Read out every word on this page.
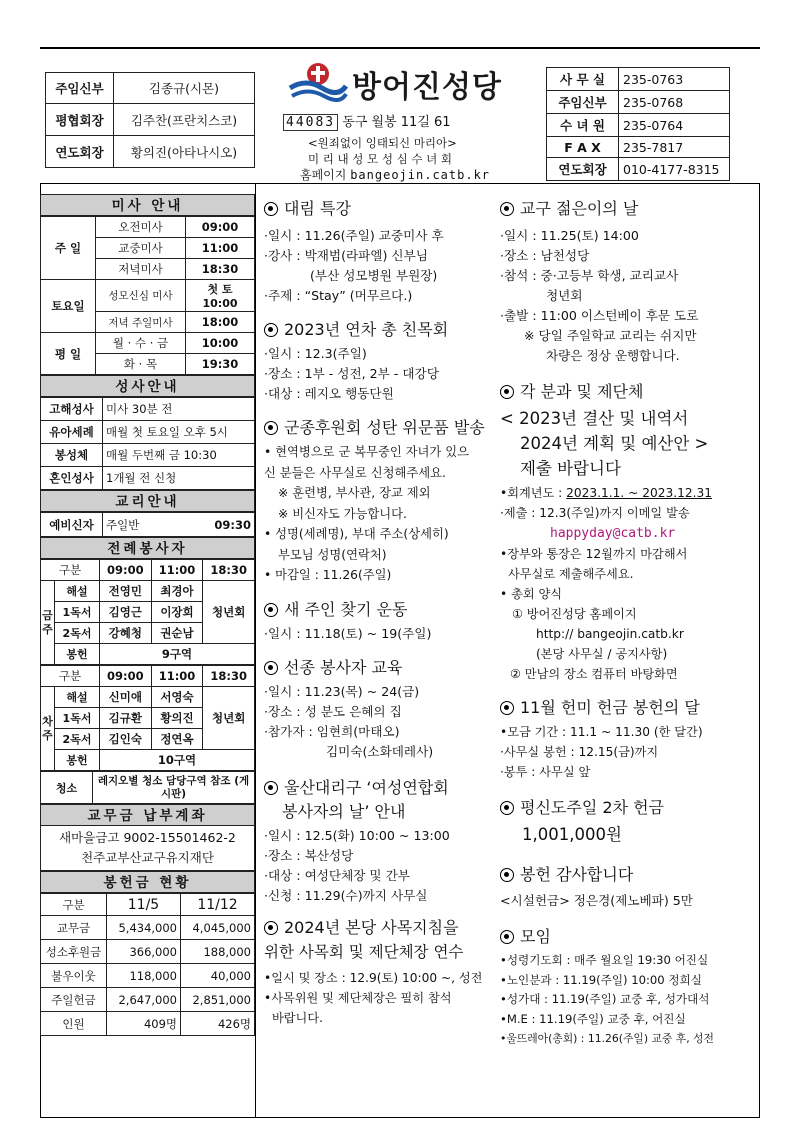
주임신부	김종규(시몬)
평협회장	김주찬(프란치스코)
연도회장	황의진(아타나시오)
방어진성당
44083 동구 월봉 11길 61
<원죄없이 잉태되신 마리아>
미 리 내 성 모 성 심 수 녀 회
홈페이지 bangeojin.catb.kr
사 무 실	235-0763
주임신부	235-0768
수 녀 원	235-0764
F A X	235-7817
연도회장	010-4177-8315
미사 안내
주 일	오전미사	09:00
	교중미사	11:00
	저녁미사	18:30
토요일	성모신심 미사	첫 토 10:00
	저녁 주일미사	18:00
평 일	월 · 수 · 금	10:00
	화 · 목	19:30
성사안내
고해성사	미사 30분 전
유아세례	매월 첫 토요일 오후 5시
봉성체	매월 두번째 금 10:30
혼인성사	1개월 전 신청
교리안내
예비신자	주일반	09:30
전례봉사자
구분		09:00	11:00	18:30
금주	해설	전영민	최경아	청년회
	1독서	김영근	이장희	
	2독서	강혜청	권순남	
	봉헌	9구역		
구분		09:00	11:00	18:30
차주	해설	신미애	서영숙	청년회
	1독서	김규환	황의진	
	2독서	김인숙	정연옥	
	봉헌	10구역		
청소	레지오별 청소 담당구역 참조 (게시판)
교무금 납부계좌
새마을금고 9002-15501462-2
천주교부산교구유지재단
봉헌금 현황
구분	11/5	11/12
교무금	5,434,000	4,045,000
성소후원금	366,000	188,000
불우이웃	118,000	40,000
주일헌금	2,647,000	2,851,000
인원	409명	426명
대림 특강
·일시 : 11.26(주일) 교중미사 후
·강사 : 박재범(라파엘) 신부님
(부산 성모병원 부원장)
·주제 : “Stay” (머무르다.)
2023년 연차 총 친목회
·일시 : 12.3(주일)
·장소 : 1부 - 성전, 2부 - 대강당
·대상 : 레지오 행동단원
군종후원회 성탄 위문품 발송
• 현역병으로 군 복무중인 자녀가 있으
신 분들은 사무실로 신청해주세요.
※ 훈련병, 부사관, 장교 제외
※ 비신자도 가능합니다.
• 성명(세례명), 부대 주소(상세히)
부모님 성명(연락처)
• 마감일 : 11.26(주일)
새 주인 찾기 운동
·일시 : 11.18(토) ~ 19(주일)
선종 봉사자 교육
·일시 : 11.23(목) ~ 24(금)
·장소 : 성 분도 은혜의 집
·참가자 : 임현희(마태오)
김미숙(소화데레사)
울산대리구 ‘여성연합회
봉사자의 날’ 안내
·일시 : 12.5(화) 10:00 ~ 13:00
·장소 : 복산성당
·대상 : 여성단체장 및 간부
·신청 : 11.29(수)까지 사무실
2024년 본당 사목지침을
위한 사목회 및 제단체장 연수
•일시 및 장소 : 12.9(토) 10:00 ~, 성전
•사목위원 및 제단체장은 필히 참석
바랍니다.
교구 젊은이의 날
·일시 : 11.25(토) 14:00
·장소 : 남천성당
·참석 : 중·고등부 학생, 교리교사
청년회
·출발 : 11:00 이스턴베이 후문 도로
※ 당일 주일학교 교리는 쉬지만
차량은 정상 운행합니다.
각 분과 및 제단체
< 2023년 결산 및 내역서
2024년 계획 및 예산안 >
제출 바랍니다
•회계년도 : 2023.1.1. ~ 2023.12.31
·제출 : 12.3(주일)까지 이메일 발송
happyday@catb.kr
•장부와 통장은 12월까지 마감해서
사무실로 제출해주세요.
• 총회 양식
① 방어진성당 홈페이지
http:// bangeojin.catb.kr
(본당 사무실 / 공지사항)
② 만남의 장소 컴퓨터 바탕화면
11월 헌미 헌금 봉헌의 달
•모금 기간 : 11.1 ~ 11.30 (한 달간)
·사무실 봉헌 : 12.15(금)까지
·봉투 : 사무실 앞
평신도주일 2차 헌금
1,001,000원
봉헌 감사합니다
<시설헌금> 정은경(제노베파) 5만
모임
•성령기도회 : 매주 월요일 19:30 어진실
•노인분과 : 11.19(주일) 10:00 정희실
•성가대 : 11.19(주일) 교중 후, 성가대석
•M.E : 11.19(주일) 교중 후, 어진실
•울뜨레아(총회) : 11.26(주일) 교중 후, 성전
